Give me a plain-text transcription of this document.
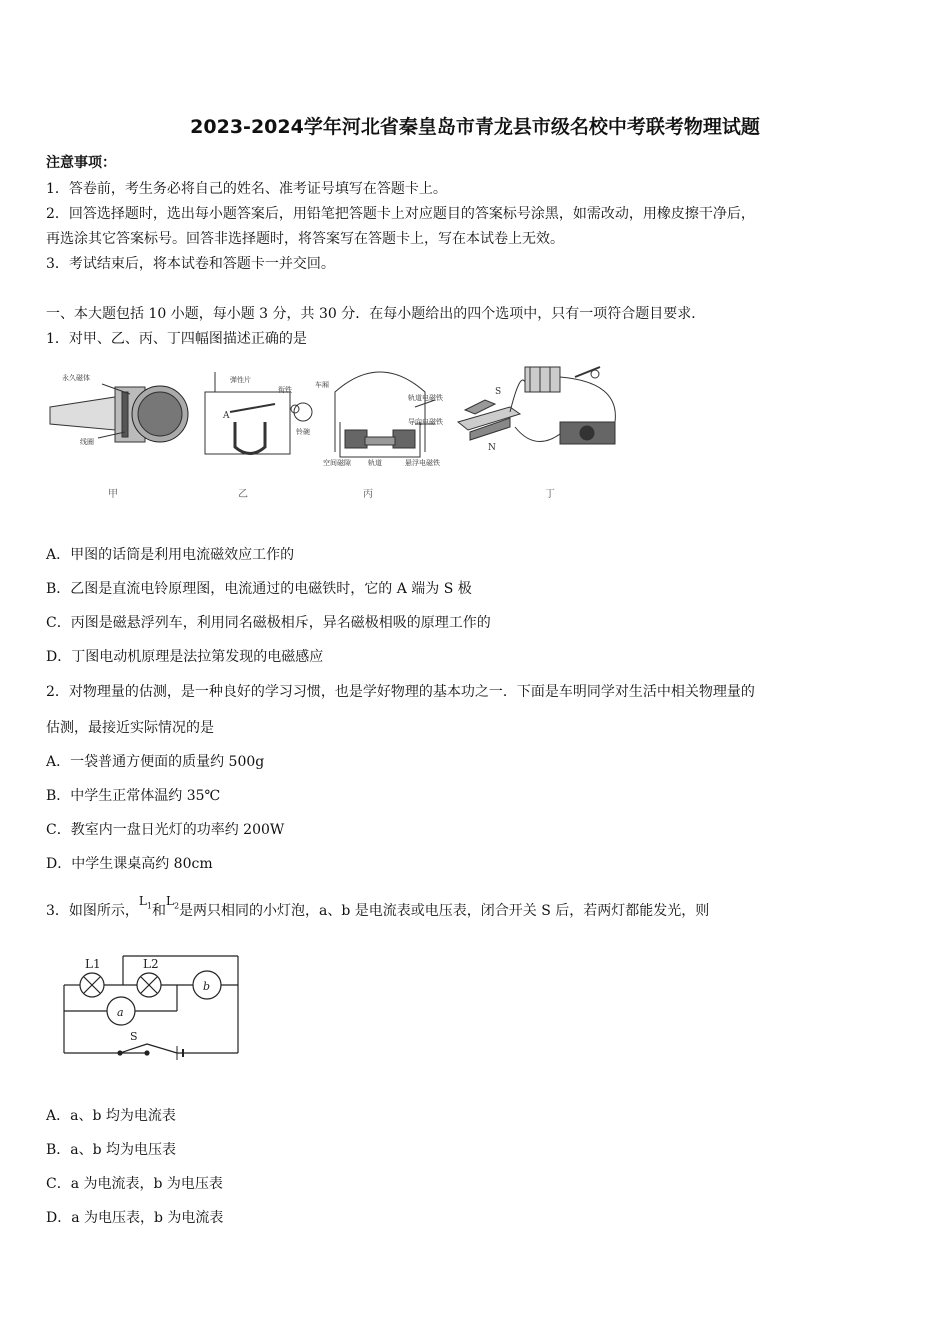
2023-2024学年河北省秦皇岛市青龙县市级名校中考联考物理试题
注意事项：
1．答卷前，考生务必将自己的姓名、准考证号填写在答题卡上。
2．回答选择题时，选出每小题答案后，用铅笔把答题卡上对应题目的答案标号涂黑，如需改动，用橡皮擦干净后，
再选涂其它答案标号。回答非选择题时，将答案写在答题卡上，写在本试卷上无效。
3．考试结束后，将本试卷和答题卡一并交回。
一、本大题包括 10 小题，每小题 3 分，共 30 分．在每小题给出的四个选项中，只有一项符合题目要求．
1．对甲、乙、丙、丁四幅图描述正确的是
永久磁体
线圈
弹性片
衔铁
铃碗
A
车厢
轨道电磁铁
导向电磁铁
悬浮电磁铁
空间磁隙 轨道
S
N
甲	乙	丙	丁
A．甲图的话筒是利用电流磁效应工作的
B．乙图是直流电铃原理图，电流通过的电磁铁时，它的 A 端为 S 极
C．丙图是磁悬浮列车，利用同名磁极相斥，异名磁极相吸的原理工作的
D．丁图电动机原理是法拉第发现的电磁感应
2．对物理量的估测，是一种良好的学习习惯，也是学好物理的基本功之一．下面是车明同学对生活中相关物理量的
估测，最接近实际情况的是
A．一袋普通方便面的质量约 500g
B．中学生正常体温约 35℃
C．教室内一盘日光灯的功率约 200W
D．中学生课桌高约 80cm
3．如图所示，$L_1$和$L_2$是两只相同的小灯泡，a、b 是电流表或电压表，闭合开关 S 后，若两灯都能发光，则
L1	L2
b
a
S
A．a、b 均为电流表
B．a、b 均为电压表
C．a 为电流表，b 为电压表
D．a 为电压表，b 为电流表
